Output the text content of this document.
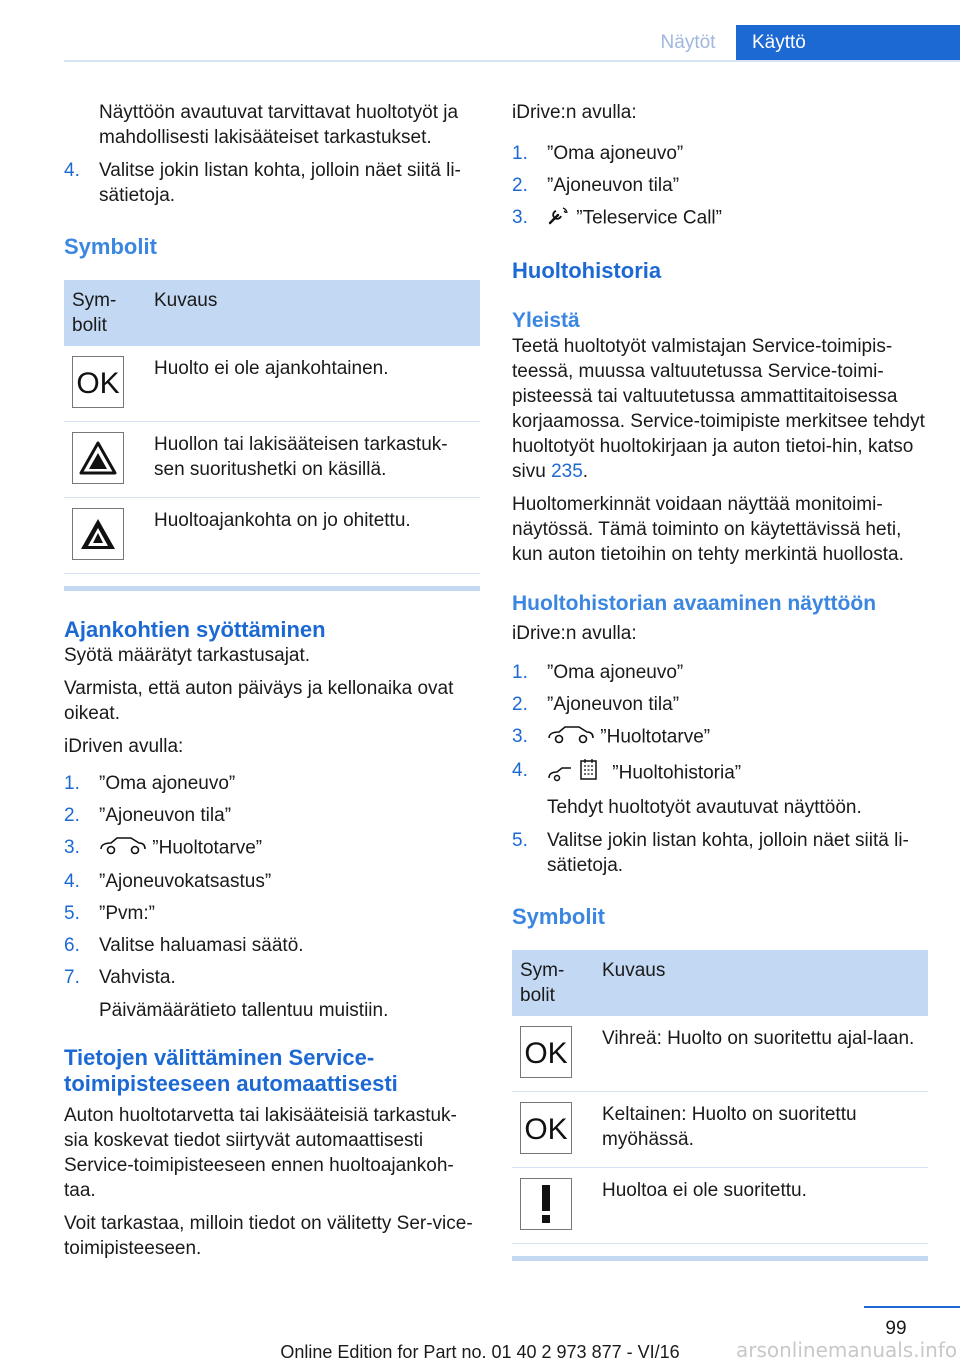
Näytöt	Käyttö
Näyttöön avautuvat tarvittavat huoltotyöt ja mahdollisesti lakisääteiset tarkastukset.
4. Valitse jokin listan kohta, jolloin näet siitä li‐sätietoja.
Symbolit
Sym‐bolit	Kuvaus

OK	Huolto ei ole ajankohtainen.

	Huollon tai lakisääteisen tarkastuk‐sen suoritushetki on käsillä.

	Huoltoajankohta on jo ohitettu.
Ajankohtien syöttäminen

Syötä määrätyt tarkastusajat.

Varmista, että auton päiväys ja kellonaika ovat oikeat.

iDriven avulla:

1. ”Oma ajoneuvo”
2. ”Ajoneuvon tila”
3.	”Huoltotarve”
4. ”Ajoneuvokatsastus”
5. ”Pvm:”
6. Valitse haluamasi säätö.
7. Vahvista.
Päivämäärätieto tallentuu muistiin.
Tietojen välittäminen Service-toimipisteeseen automaattisesti

Auton huoltotarvetta tai lakisääteisiä tarkastuk‐sia koskevat tiedot siirtyvät automaattisesti Service-toimipisteeseen ennen huoltoajankoh‐taa.

Voit tarkastaa, milloin tiedot on välitetty Ser‐vice-toimipisteeseen.

iDrive:n avulla:

1. ”Oma ajoneuvo”
2. ”Ajoneuvon tila”
3.	”Teleservice Call”
Huoltohistoria
Yleistä

Teetä huoltotyöt valmistajan Service-toimipis‐teessä, muussa valtuutetussa Service-toimi‐pisteessä tai valtuutetussa ammattitaitoisessa korjaamossa. Service-toimipiste merkitsee tehdyt huoltotyöt huoltokirjaan ja auton tietoi‐hin, katso sivu 235.

Huoltomerkinnät voidaan näyttää monitoimi‐näytössä. Tämä toiminto on käytettävissä heti, kun auton tietoihin on tehty merkintä huollosta.

Huoltohistorian avaaminen näyttöön

iDrive:n avulla:

1. ”Oma ajoneuvo”
2. ”Ajoneuvon tila”
3.	”Huoltotarve”
4.	”Huoltohistoria”
Tehdyt huoltotyöt avautuvat näyttöön.
5. Valitse jokin listan kohta, jolloin näet siitä li‐sätietoja.
Symbolit
Sym‐bolit	Kuvaus

OK	Vihreä: Huolto on suoritettu ajal‐laan.

OK	Keltainen: Huolto on suoritettu myöhässä.

	Huoltoa ei ole suoritettu.
99
Online Edition for Part no. 01 40 2 973 877 - VI/16	arsonlinemanuals.info
